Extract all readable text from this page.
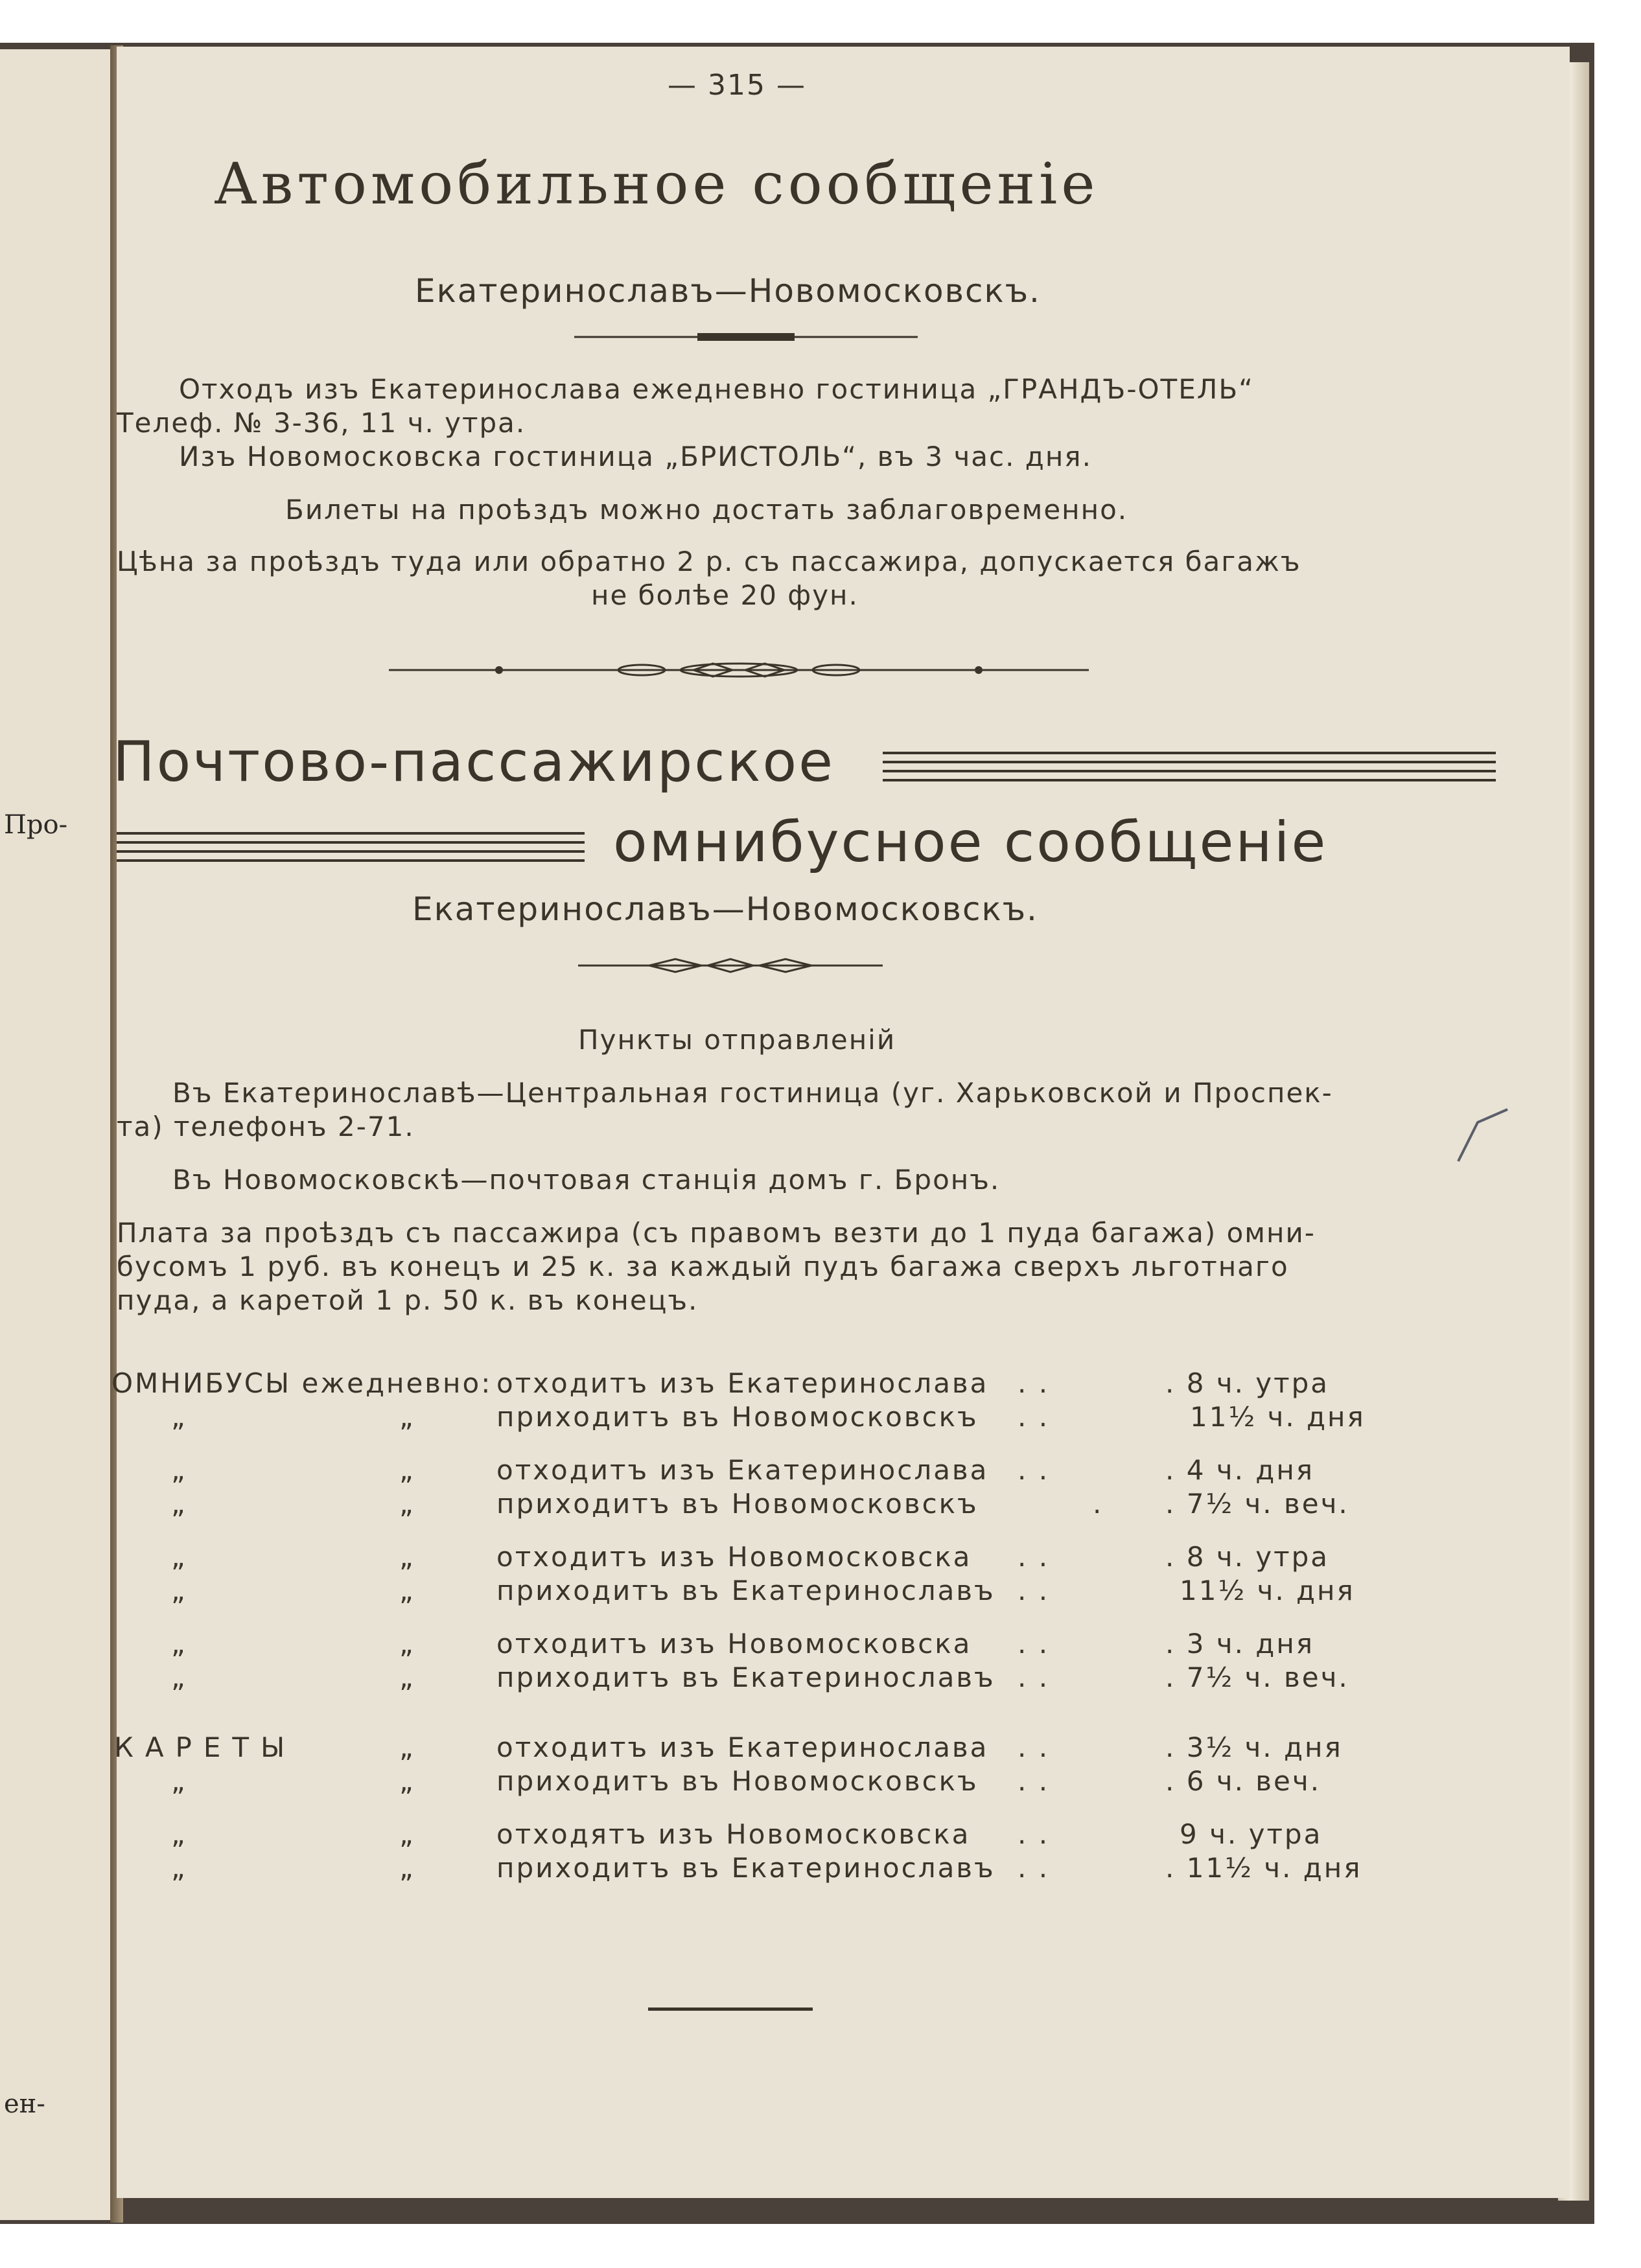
Про-
ен-
— 315 —
Автомобильное сообщеніе
Екатеринославъ—Новомосковскъ.
Отходъ изъ Екатеринослава ежедневно гостиница „ГРАНДЪ-ОТЕЛЬ“
Телеф. № 3-36, 11 ч. утра.
Изъ Новомосковска гостиница „БРИСТОЛЬ“, въ 3 час. дня.
Билеты на проѣздъ можно достать заблаговременно.
Цѣна за проѣздъ туда или обратно 2 р. съ пассажира, допускается багажъ
не болѣе 20 фун.
Почтово-пассажирское
омнибусное сообщеніе
Екатеринославъ—Новомосковскъ.
Пункты отправленій
Въ Екатеринославѣ—Центральная гостиница (уг. Харьковской и Проспек-
та) телефонъ 2-71.
Въ Новомосковскѣ—почтовая станція домъ г. Бронъ.
Плата за проѣздъ съ пассажира (съ правомъ везти до 1 пуда багажа) омни-
бусомъ 1 руб. въ конецъ и 25 к. за каждый пудъ багажа сверхъ льготнаго
пуда, а каретой 1 р. 50 к. въ конецъ.
ОМНИБУСЫ ежедневно: отходитъ изъ Екатеринослава . .	. 8 ч. утра
„	„	приходитъ въ Новомосковскъ . .	11½ ч. дня
„	„	отходитъ изъ Екатеринослава . .	. 4 ч. дня
„	„	приходитъ въ Новомосковскъ	. . 7½ ч. веч.
„	„	отходитъ изъ Новомосковска . .	. 8 ч. утра
„	„	приходитъ въ Екатеринославъ . .	11½ ч. дня
„	„	отходитъ изъ Новомосковска . .	. 3 ч. дня
„	„	приходитъ въ Екатеринославъ . .	. 7½ ч. веч.
КАРЕТЫ	„	отходитъ изъ Екатеринослава . .	. 3½ ч. дня
„	„	приходитъ въ Новомосковскъ . .	. 6 ч. веч.
„	„	отходятъ изъ Новомосковска . .	9 ч. утра
„	„	приходитъ въ Екатеринославъ . .	. 11½ ч. дня
